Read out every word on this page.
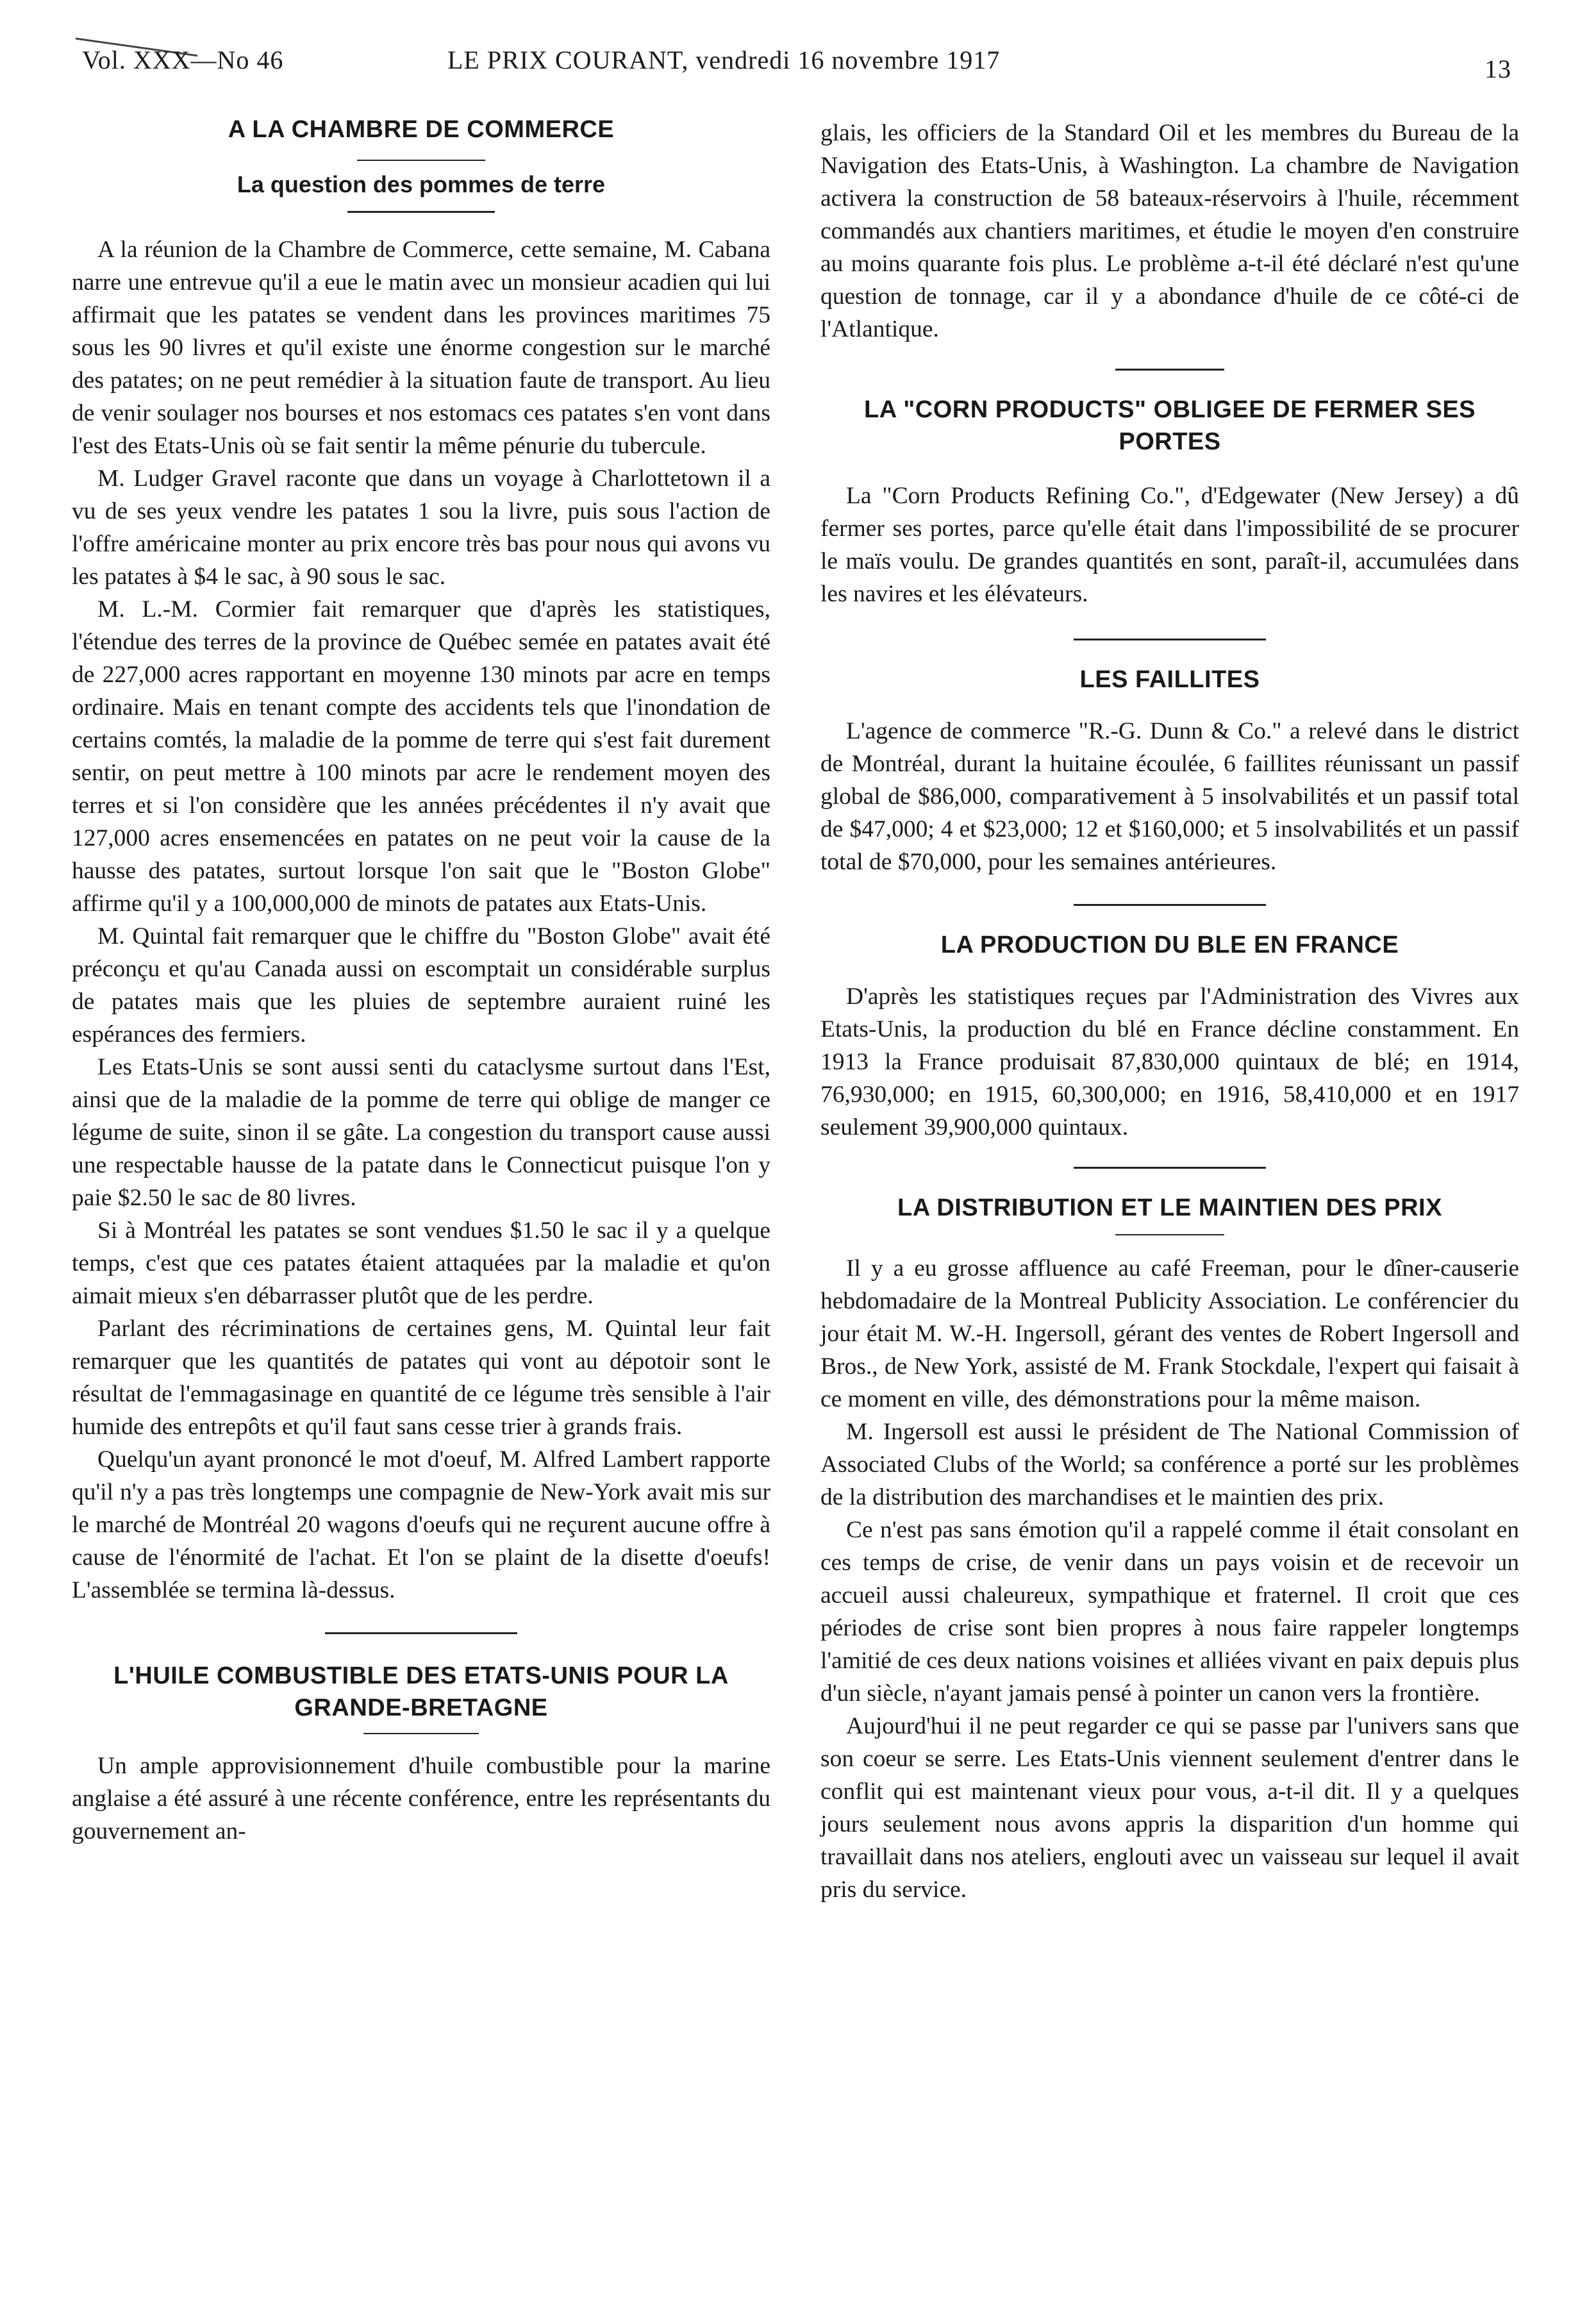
Vol. XXX—No 46	LE PRIX COURANT, vendredi 16 novembre 1917	13
A LA CHAMBRE DE COMMERCE
La question des pommes de terre

A la réunion de la Chambre de Commerce, cette semaine, M. Cabana narre une entrevue qu'il a eue le matin avec un monsieur acadien qui lui affirmait que les patates se vendent dans les provinces maritimes 75 sous les 90 livres et qu'il existe une énorme congestion sur le marché des patates; on ne peut remédier à la situation faute de transport. Au lieu de venir soulager nos bourses et nos estomacs ces patates s'en vont dans l'est des Etats-Unis où se fait sentir la même pénurie du tubercule.

M. Ludger Gravel raconte que dans un voyage à Charlottetown il a vu de ses yeux vendre les patates 1 sou la livre, puis sous l'action de l'offre américaine monter au prix encore très bas pour nous qui avons vu les patates à $4 le sac, à 90 sous le sac.

M. L.-M. Cormier fait remarquer que d'après les statistiques, l'étendue des terres de la province de Québec semée en patates avait été de 227,000 acres rapportant en moyenne 130 minots par acre en temps ordinaire. Mais en tenant compte des accidents tels que l'inondation de certains comtés, la maladie de la pomme de terre qui s'est fait durement sentir, on peut mettre à 100 minots par acre le rendement moyen des terres et si l'on considère que les années précédentes il n'y avait que 127,000 acres ensemencées en patates on ne peut voir la cause de la hausse des patates, surtout lorsque l'on sait que le "Boston Globe" affirme qu'il y a 100,000,000 de minots de patates aux Etats-Unis.

M. Quintal fait remarquer que le chiffre du "Boston Globe" avait été préconçu et qu'au Canada aussi on escomptait un considérable surplus de patates mais que les pluies de septembre auraient ruiné les espérances des fermiers.

Les Etats-Unis se sont aussi senti du cataclysme surtout dans l'Est, ainsi que de la maladie de la pomme de terre qui oblige de manger ce légume de suite, sinon il se gâte. La congestion du transport cause aussi une respectable hausse de la patate dans le Connecticut puisque l'on y paie $2.50 le sac de 80 livres.

Si à Montréal les patates se sont vendues $1.50 le sac il y a quelque temps, c'est que ces patates étaient attaquées par la maladie et qu'on aimait mieux s'en débarrasser plutôt que de les perdre.

Parlant des récriminations de certaines gens, M. Quintal leur fait remarquer que les quantités de patates qui vont au dépotoir sont le résultat de l'emmagasinage en quantité de ce légume très sensible à l'air humide des entrepôts et qu'il faut sans cesse trier à grands frais.

Quelqu'un ayant prononcé le mot d'oeuf, M. Alfred Lambert rapporte qu'il n'y a pas très longtemps une compagnie de New-York avait mis sur le marché de Montréal 20 wagons d'oeufs qui ne reçurent aucune offre à cause de l'énormité de l'achat. Et l'on se plaint de la disette d'oeufs! L'assemblée se termina là-dessus.

L'HUILE COMBUSTIBLE DES ETATS-UNIS POUR LA GRANDE-BRETAGNE

Un ample approvisionnement d'huile combustible pour la marine anglaise a été assuré à une récente conférence, entre les représentants du gouvernement an-

glais, les officiers de la Standard Oil et les membres du Bureau de la Navigation des Etats-Unis, à Washington. La chambre de Navigation activera la construction de 58 bateaux-réservoirs à l'huile, récemment commandés aux chantiers maritimes, et étudie le moyen d'en construire au moins quarante fois plus. Le problème a-t-il été déclaré n'est qu'une question de tonnage, car il y a abondance d'huile de ce côté-ci de l'Atlantique.

LA "CORN PRODUCTS" OBLIGEE DE FERMER SES PORTES

La "Corn Products Refining Co.", d'Edgewater (New Jersey) a dû fermer ses portes, parce qu'elle était dans l'impossibilité de se procurer le maïs voulu. De grandes quantités en sont, paraît-il, accumulées dans les navires et les élévateurs.

LES FAILLITES

L'agence de commerce "R.-G. Dunn & Co." a relevé dans le district de Montréal, durant la huitaine écoulée, 6 faillites réunissant un passif global de $86,000, comparativement à 5 insolvabilités et un passif total de $47,000; 4 et $23,000; 12 et $160,000; et 5 insolvabilités et un passif total de $70,000, pour les semaines antérieures.

LA PRODUCTION DU BLE EN FRANCE

D'après les statistiques reçues par l'Administration des Vivres aux Etats-Unis, la production du blé en France décline constamment. En 1913 la France produisait 87,830,000 quintaux de blé; en 1914, 76,930,000; en 1915, 60,300,000; en 1916, 58,410,000 et en 1917 seulement 39,900,000 quintaux.

LA DISTRIBUTION ET LE MAINTIEN DES PRIX

Il y a eu grosse affluence au café Freeman, pour le dîner-causerie hebdomadaire de la Montreal Publicity Association. Le conférencier du jour était M. W.-H. Ingersoll, gérant des ventes de Robert Ingersoll and Bros., de New York, assisté de M. Frank Stockdale, l'expert qui faisait à ce moment en ville, des démonstrations pour la même maison.

M. Ingersoll est aussi le président de The National Commission of Associated Clubs of the World; sa conférence a porté sur les problèmes de la distribution des marchandises et le maintien des prix.

Ce n'est pas sans émotion qu'il a rappelé comme il était consolant en ces temps de crise, de venir dans un pays voisin et de recevoir un accueil aussi chaleureux, sympathique et fraternel. Il croit que ces périodes de crise sont bien propres à nous faire rappeler longtemps l'amitié de ces deux nations voisines et alliées vivant en paix depuis plus d'un siècle, n'ayant jamais pensé à pointer un canon vers la frontière.

Aujourd'hui il ne peut regarder ce qui se passe par l'univers sans que son coeur se serre. Les Etats-Unis viennent seulement d'entrer dans le conflit qui est maintenant vieux pour vous, a-t-il dit. Il y a quelques jours seulement nous avons appris la disparition d'un homme qui travaillait dans nos ateliers, englouti avec un vaisseau sur lequel il avait pris du service.
